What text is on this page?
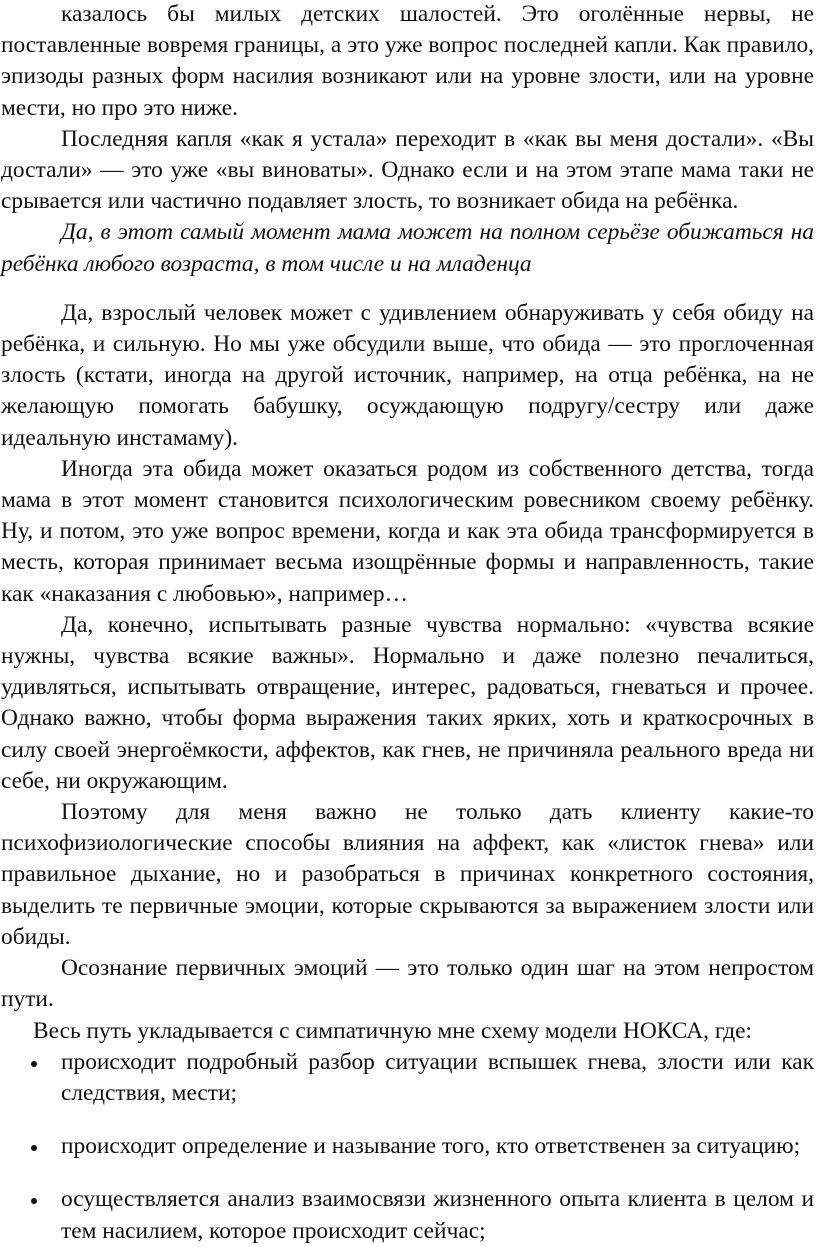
казалось бы милых детских шалостей. Это оголённые нервы, не поставленные вовремя границы, а это уже вопрос последней капли. Как правило, эпизоды разных форм насилия возникают или на уровне злости, или на уровне мести, но про это ниже.

Последняя капля «как я устала» переходит в «как вы меня достали». «Вы достали» — это уже «вы виноваты». Однако если и на этом этапе мама таки не срывается или частично подавляет злость, то возникает обида на ребёнка.

Да, в этот самый момент мама может на полном серьёзе обижаться на ребёнка любого возраста, в том числе и на младенца

Да, взрослый человек может с удивлением обнаруживать у себя обиду на ребёнка, и сильную. Но мы уже обсудили выше, что обида — это проглоченная злость (кстати, иногда на другой источник, например, на отца ребёнка, на не желающую помогать бабушку, осуждающую подругу/сестру или даже идеальную инстамаму).

Иногда эта обида может оказаться родом из собственного детства, тогда мама в этот момент становится психологическим ровесником своему ребёнку. Ну, и потом, это уже вопрос времени, когда и как эта обида трансформируется в месть, которая принимает весьма изощрённые формы и направленность, такие как «наказания с любовью», например…

Да, конечно, испытывать разные чувства нормально: «чувства всякие нужны, чувства всякие важны». Нормально и даже полезно печалиться, удивляться, испытывать отвращение, интерес, радоваться, гневаться и прочее. Однако важно, чтобы форма выражения таких ярких, хоть и краткосрочных в силу своей энергоёмкости, аффектов, как гнев, не причиняла реального вреда ни себе, ни окружающим.

Поэтому для меня важно не только дать клиенту какие-то психофизиологические способы влияния на аффект, как «листок гнева» или правильное дыхание, но и разобраться в причинах конкретного состояния, выделить те первичные эмоции, которые скрываются за выражением злости или обиды.

Осознание первичных эмоций — это только один шаг на этом непростом пути.

Весь путь укладывается с симпатичную мне схему модели НОКСА, где:

происходит подробный разбор ситуации вспышек гнева, злости или как следствия, мести;
происходит определение и называние того, кто ответственен за ситуацию;
осуществляется анализ взаимосвязи жизненного опыта клиента в целом и тем насилием, которое происходит сейчас;
